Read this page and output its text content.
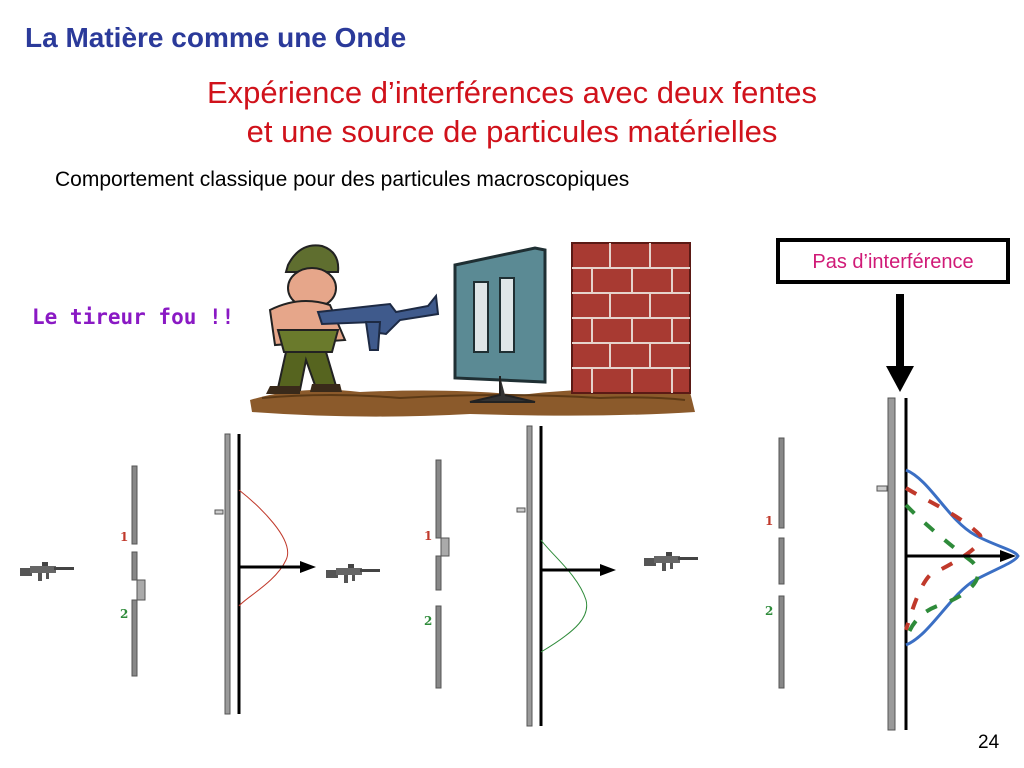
La Matière comme une Onde
Expérience d’interférences avec deux fentes
et une source de particules matérielles
Comportement classique pour des particules macroscopiques
Le tireur fou !!
Pas d’interférence
24
1
2
1
2
1
2
